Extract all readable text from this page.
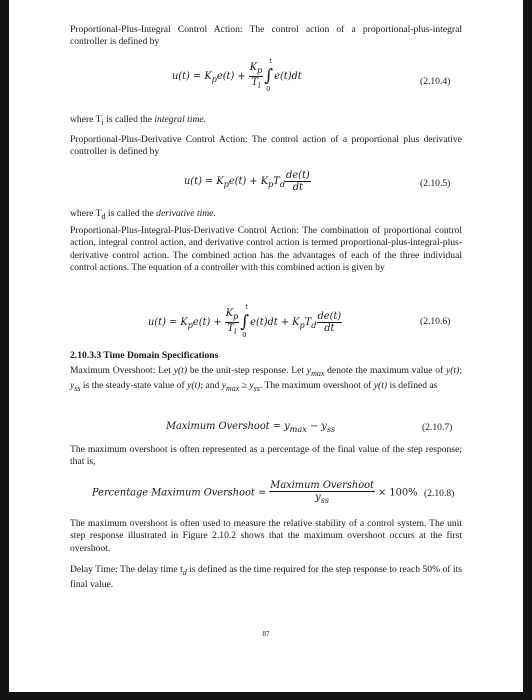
Proportional-Plus-Integral Control Action: The control action of a proportional-plus-integral controller is defined by

$u(t) = K_pe(t) + \frac{K_p}{T_i}$ ∫
t
0
e(t)dt	(2.10.4)

where $T_i$ is called the integral time.

Proportional-Plus-Derivative Control Action: The control action of a proportional plus derivative controller is defined by

$u(t) = K_pe(t) + K_pT_d \frac{de(t)}{dt}$	(2.10.5)

where $T_d$ is called the derivative time.

Proportional-Plus-Integral-Plus-Derivative Control Action: The combination of proportional control action, integral control action, and derivative control action is termed proportional-plus-integral-plus-derivative control action. The combined action has the advantages of each of the three individual control actions. The equation of a controller with this combined action is given by

$u(t) = K_pe(t) + \frac{K_p}{T_i}$ ∫
t
0
$e(t)dt + K_pT_d \frac{de(t)}{dt}$	(2.10.6)

2.10.3.3 Time Domain Specifications

Maximum Overshoot: Let y(t) be the unit-step response. Let $y_{max}$ denote the maximum value of y(t); $y_{ss}$ is the steady-state value of y(t); and $y_{max} \ge y_{ss}$. The maximum overshoot of y(t) is defined as

Maximum Overshoot = $y_{max} - y_{ss}$	(2.10.7)

The maximum overshoot is often represented as a percentage of the final value of the step response; that is,

Percentage Maximum Overshoot = $\frac{\text{Maximum Overshoot}}{y_{ss}} \times 100\%$ (2.10.8)

The maximum overshoot is often used to measure the relative stability of a control system. The unit step response illustrated in Figure 2.10.2 shows that the maximum overshoot occurs at the first overshoot.

Delay Time: The delay time $t_d$ is defined as the time required for the step response to reach 50% of its final value.

87
